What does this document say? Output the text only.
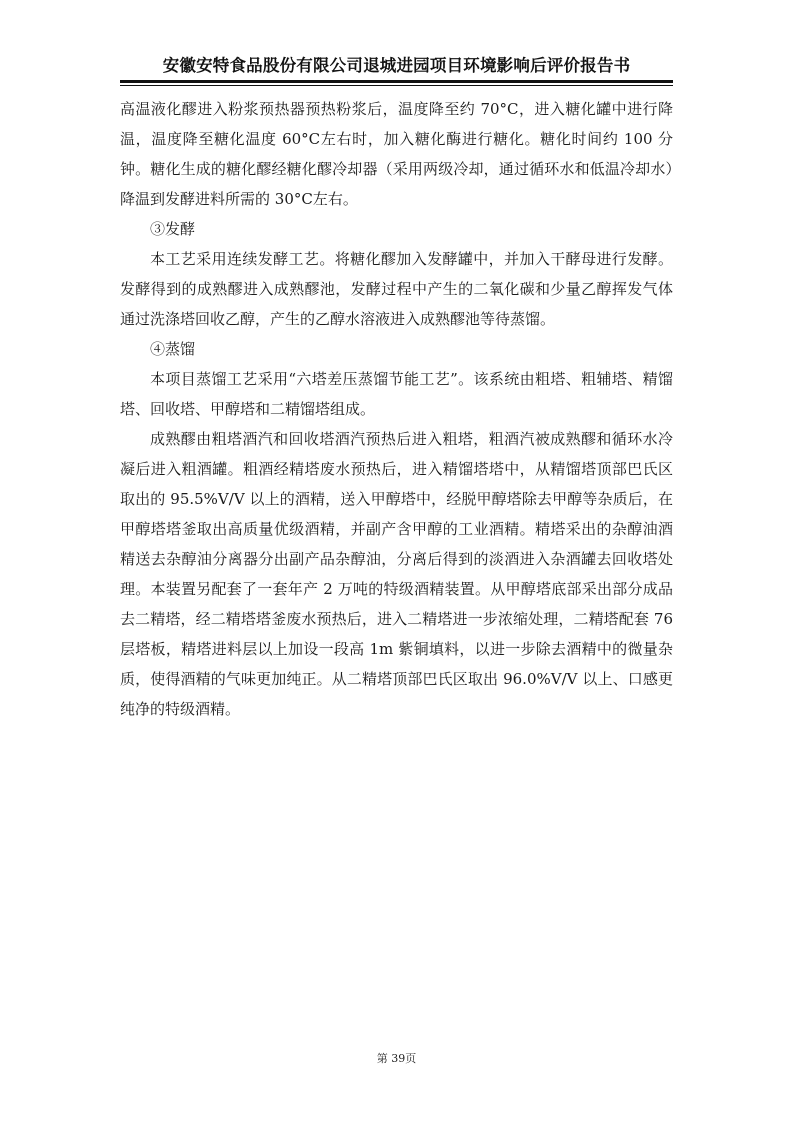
安徽安特食品股份有限公司退城进园项目环境影响后评价报告书

高温液化醪进入粉浆预热器预热粉浆后，温度降至约 70°C，进入糖化罐中进行降温，温度降至糖化温度 60°C左右时，加入糖化酶进行糖化。糖化时间约 100 分钟。糖化生成的糖化醪经糖化醪冷却器（采用两级冷却，通过循环水和低温冷却水）降温到发酵进料所需的 30°C左右。

③发酵

本工艺采用连续发酵工艺。将糖化醪加入发酵罐中，并加入干酵母进行发酵。发酵得到的成熟醪进入成熟醪池，发酵过程中产生的二氧化碳和少量乙醇挥发气体通过洗涤塔回收乙醇，产生的乙醇水溶液进入成熟醪池等待蒸馏。

④蒸馏

本项目蒸馏工艺采用“六塔差压蒸馏节能工艺”。该系统由粗塔、粗辅塔、精馏塔、回收塔、甲醇塔和二精馏塔组成。

成熟醪由粗塔酒汽和回收塔酒汽预热后进入粗塔，粗酒汽被成熟醪和循环水冷凝后进入粗酒罐。粗酒经精塔废水预热后，进入精馏塔塔中，从精馏塔顶部巴氏区取出的 95.5%V/V 以上的酒精，送入甲醇塔中，经脱甲醇塔除去甲醇等杂质后，在甲醇塔塔釜取出高质量优级酒精，并副产含甲醇的工业酒精。精塔采出的杂醇油酒精送去杂醇油分离器分出副产品杂醇油，分离后得到的淡酒进入杂酒罐去回收塔处理。本装置另配套了一套年产 2 万吨的特级酒精装置。从甲醇塔底部采出部分成品去二精塔，经二精塔塔釜废水预热后，进入二精塔进一步浓缩处理，二精塔配套 76 层塔板，精塔进料层以上加设一段高 1m 紫铜填料，以进一步除去酒精中的微量杂质，使得酒精的气味更加纯正。从二精塔顶部巴氏区取出 96.0%V/V 以上、口感更纯净的特级酒精。

第 39页
